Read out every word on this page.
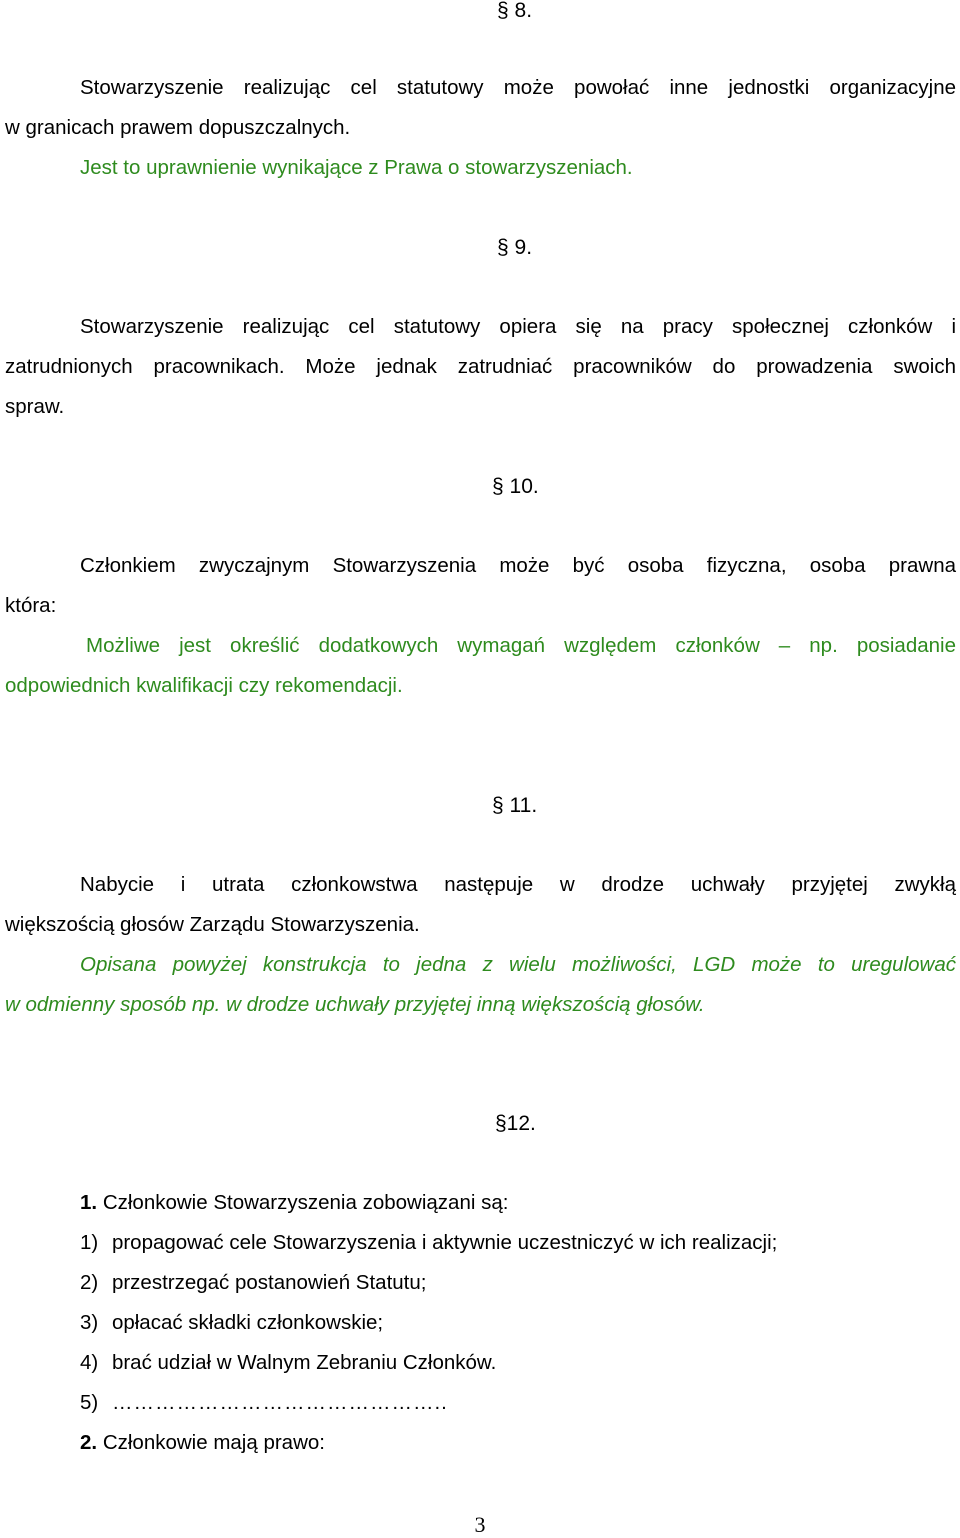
§ 8.
Stowarzyszenie realizując cel statutowy może powołać inne jednostki organizacyjne
w granicach prawem dopuszczalnych.
Jest to uprawnienie wynikające z Prawa o stowarzyszeniach.
§ 9.
Stowarzyszenie realizując cel statutowy opiera się na pracy społecznej członków i
zatrudnionych pracownikach. Może jednak zatrudniać pracowników do prowadzenia swoich
spraw.
§ 10.
Członkiem zwyczajnym Stowarzyszenia może być osoba fizyczna, osoba prawna
która:
Możliwe jest określić dodatkowych wymagań względem członków – np. posiadanie
odpowiednich kwalifikacji czy rekomendacji.
§ 11.
Nabycie i utrata członkowstwa następuje w drodze uchwały przyjętej zwykłą
większością głosów Zarządu Stowarzyszenia.
Opisana powyżej konstrukcja to jedna z wielu możliwości, LGD może to uregulować
w odmienny sposób np. w drodze uchwały przyjętej inną większością głosów.
§12.
1. Członkowie Stowarzyszenia zobowiązani są:
1) propagować cele Stowarzyszenia i aktywnie uczestniczyć w ich realizacji;
2) przestrzegać postanowień Statutu;
3) opłacać składki członkowskie;
4) brać udział w Walnym Zebraniu Członków.
5) ………………………………………..
2. Członkowie mają prawo:
3
